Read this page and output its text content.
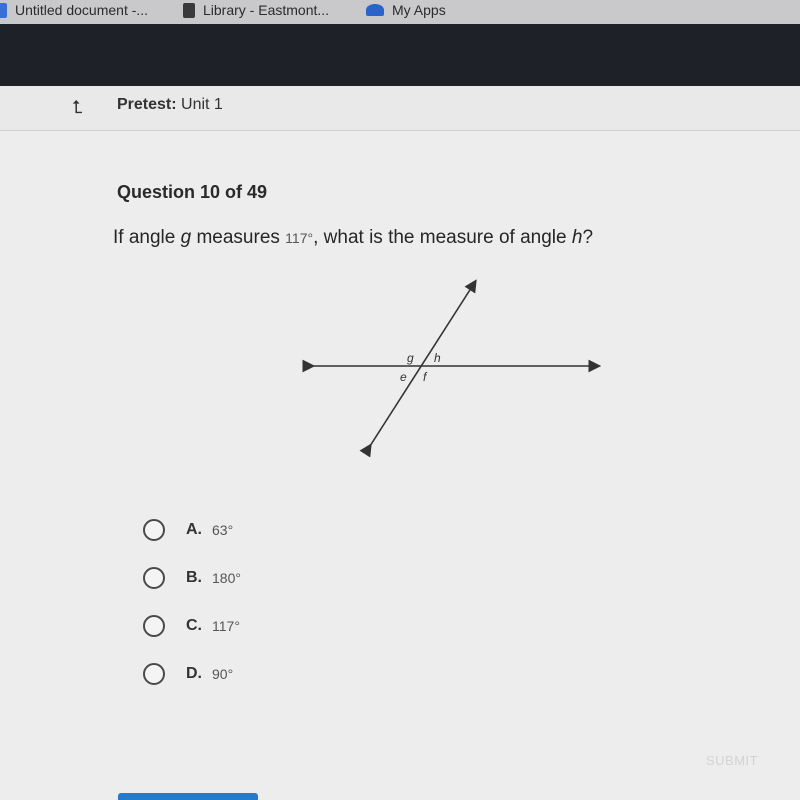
Untitled document -...	Library - Eastmont...	My Apps
⮤	Pretest: Unit 1
Question 10 of 49
If angle g measures 117°, what is the measure of angle h?
g h
e f
A. 63°
B. 180°
C. 117°
D. 90°
SUBMIT
